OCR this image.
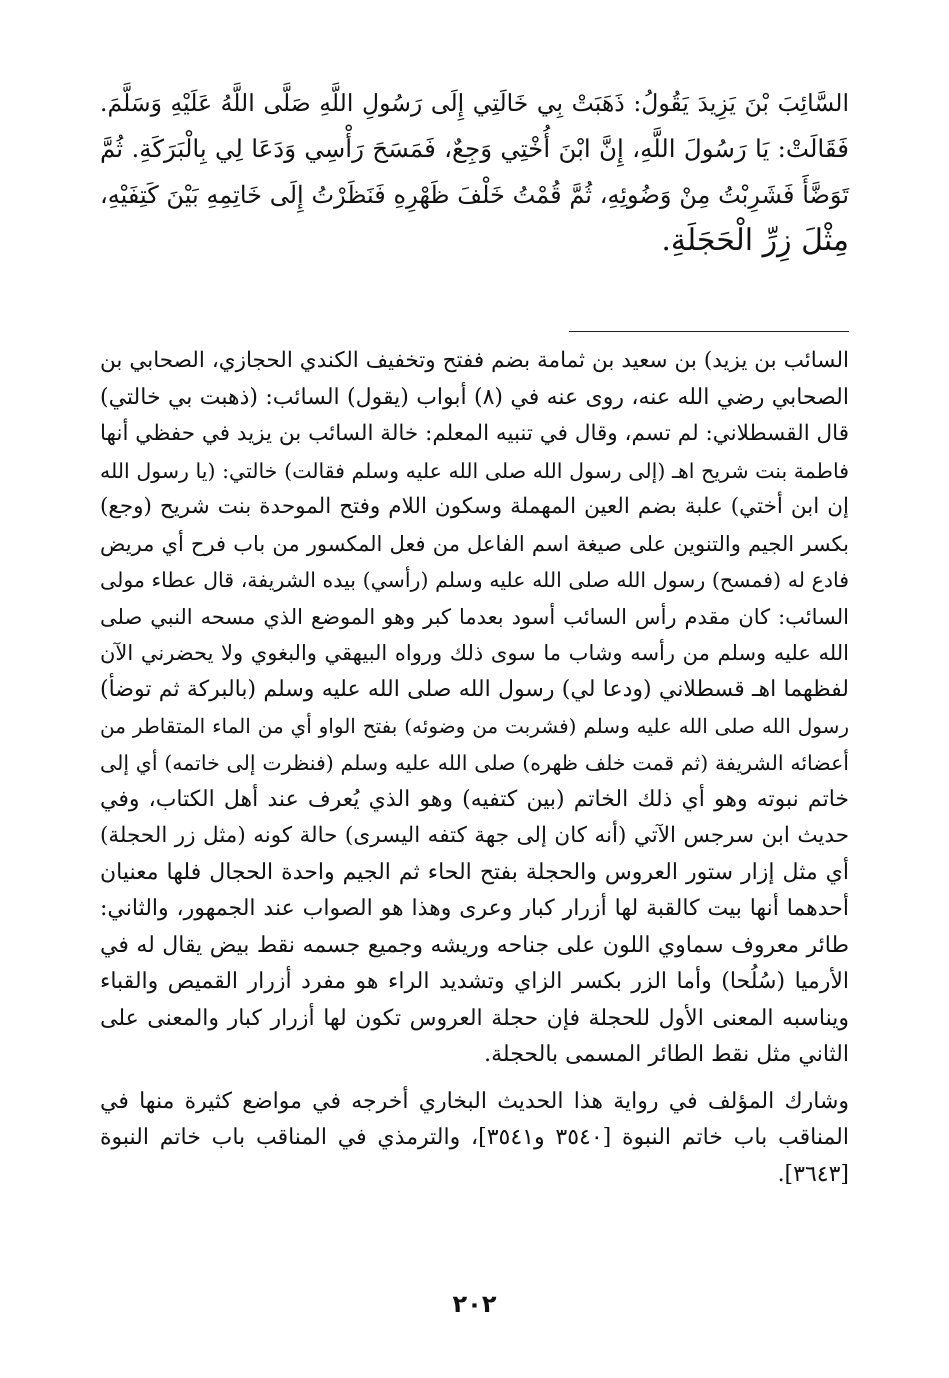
السَّائِبَ بْنَ يَزِيدَ يَقُولُ: ذَهَبَتْ بِي خَالَتِي إِلَى رَسُولِ اللَّهِ صَلَّى اللَّهُ عَلَيْهِ وَسَلَّمَ.
فَقَالَتْ: يَا رَسُولَ اللَّهِ، إِنَّ ابْنَ أُخْتِي وَجِعٌ، فَمَسَحَ رَأْسِي وَدَعَا لِي بِالْبَرَكَةِ. ثُمَّ
تَوَضَّأَ فَشَرِبْتُ مِنْ وَضُوئِهِ، ثُمَّ قُمْتُ خَلْفَ ظَهْرِهِ فَنَظَرْتُ إِلَى خَاتِمِهِ بَيْنَ كَتِفَيْهِ،
مِثْلَ زِرِّ الْحَجَلَةِ.
السائب بن يزيد) بن سعيد بن ثمامة بضم ففتح وتخفيف الكندي الحجازي، الصحابي بن
الصحابي رضي الله عنه، روى عنه في (٨) أبواب (يقول) السائب: (ذهبت بي خالتي)
قال القسطلاني: لم تسم، وقال في تنبيه المعلم: خالة السائب بن يزيد في حفظي أنها
فاطمة بنت شريح اهـ (إلى رسول الله صلى الله عليه وسلم فقالت) خالتي: (يا رسول الله
إن ابن أختي) علبة بضم العين المهملة وسكون اللام وفتح الموحدة بنت شريح (وجع)
بكسر الجيم والتنوين على صيغة اسم الفاعل من فعل المكسور من باب فرح أي مريض
فادع له (فمسح) رسول الله صلى الله عليه وسلم (رأسي) بيده الشريفة، قال عطاء مولى
السائب: كان مقدم رأس السائب أسود بعدما كبر وهو الموضع الذي مسحه النبي صلى
الله عليه وسلم من رأسه وشاب ما سوى ذلك ورواه البيهقي والبغوي ولا يحضرني الآن
لفظهما اهـ قسطلاني (ودعا لي) رسول الله صلى الله عليه وسلم (بالبركة ثم توضأ)
رسول الله صلى الله عليه وسلم (فشربت من وضوئه) بفتح الواو أي من الماء المتقاطر من
أعضائه الشريفة (ثم قمت خلف ظهره) صلى الله عليه وسلم (فنظرت إلى خاتمه) أي إلى
خاتم نبوته وهو أي ذلك الخاتم (بين كتفيه) وهو الذي يُعرف عند أهل الكتاب، وفي
حديث ابن سرجس الآتي (أنه كان إلى جهة كتفه اليسرى) حالة كونه (مثل زر الحجلة)
أي مثل إزار ستور العروس والحجلة بفتح الحاء ثم الجيم واحدة الحجال فلها معنيان
أحدهما أنها بيت كالقبة لها أزرار كبار وعرى وهذا هو الصواب عند الجمهور، والثاني:
طائر معروف سماوي اللون على جناحه وريشه وجميع جسمه نقط بيض يقال له في
الأرميا (سُلُحا) وأما الزر بكسر الزاي وتشديد الراء هو مفرد أزرار القميص والقباء
ويناسبه المعنى الأول للحجلة فإن حجلة العروس تكون لها أزرار كبار والمعنى على
الثاني مثل نقط الطائر المسمى بالحجلة.
وشارك المؤلف في رواية هذا الحديث البخاري أخرجه في مواضع كثيرة منها في
المناقب باب خاتم النبوة [٣٥٤٠ و٣٥٤١]، والترمذي في المناقب باب خاتم النبوة
[٣٦٤٣].
٢٠٢
